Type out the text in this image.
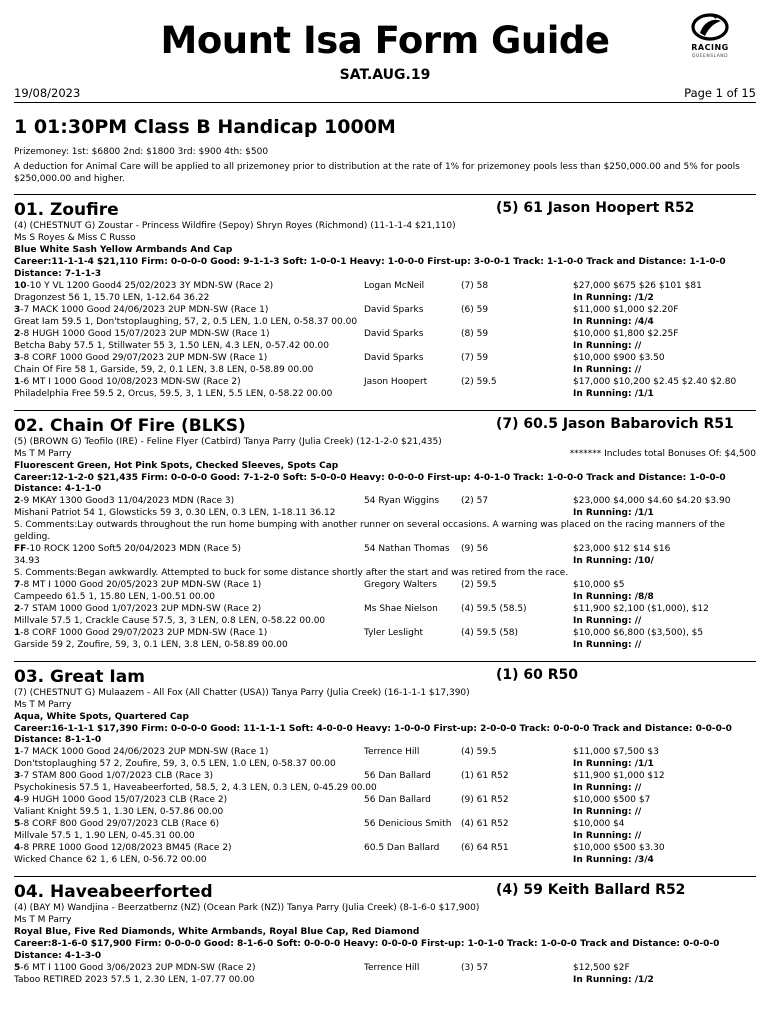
Mount Isa Form Guide
SAT.AUG.19
RACING
QUEENSLAND
19/08/2023	Page 1 of 15
1 01:30PM Class B Handicap 1000M
Prizemoney: 1st: $6800 2nd: $1800 3rd: $900 4th: $500
A deduction for Animal Care will be applied to all prizemoney prior to distribution at the rate of 1% for prizemoney pools less than $250,000.00 and 5% for pools $250,000.00 and higher.
01. Zoufire	(5) 61 Jason Hoopert R52
(4) (CHESTNUT G) Zoustar - Princess Wildfire (Sepoy) Shryn Royes (Richmond) (11-1-1-4 $21,110)
Ms S Royes & Miss C Russo
Blue White Sash Yellow Armbands And Cap
Career:11-1-1-4 $21,110 Firm: 0-0-0-0 Good: 9-1-1-3 Soft: 1-0-0-1 Heavy: 1-0-0-0 First-up: 3-0-0-1 Track: 1-1-0-0 Track and Distance: 1-1-0-0 Distance: 7-1-1-3
10-10 Y VL 1200 Good4 25/02/2023 3Y MDN-SW (Race 2)	Logan McNeil	(7) 58	$27,000 $675 $26 $101 $81
Dragonzest 56 1, 15.70 LEN, 1-12.64 36.22	In Running: /1/2
3-7 MACK 1000 Good 24/06/2023 2UP MDN-SW (Race 1)	David Sparks	(6) 59	$11,000 $1,000 $2.20F
Great Iam 59.5 1, Don'tstoplaughing, 57, 2, 0.5 LEN, 1.0 LEN, 0-58.37 00.00	In Running: /4/4
2-8 HUGH 1000 Good 15/07/2023 2UP MDN-SW (Race 1)	David Sparks	(8) 59	$10,000 $1,800 $2.25F
Betcha Baby 57.5 1, Stillwater 55 3, 1.50 LEN, 4.3 LEN, 0-57.42 00.00	In Running: //
3-8 CORF 1000 Good 29/07/2023 2UP MDN-SW (Race 1)	David Sparks	(7) 59	$10,000 $900 $3.50
Chain Of Fire 58 1, Garside, 59, 2, 0.1 LEN, 3.8 LEN, 0-58.89 00.00	In Running: //
1-6 MT I 1000 Good 10/08/2023 MDN-SW (Race 2)	Jason Hoopert	(2) 59.5	$17,000 $10,200 $2.45 $2.40 $2.80
Philadelphia Free 59.5 2, Orcus, 59.5, 3, 1 LEN, 5.5 LEN, 0-58.22 00.00	In Running: /1/1
02. Chain Of Fire (BLKS)	(7) 60.5 Jason Babarovich R51
(5) (BROWN G) Teofilo (IRE) - Feline Flyer (Catbird) Tanya Parry (Julia Creek) (12-1-2-0 $21,435)
Ms T M Parry	******* Includes total Bonuses Of: $4,500
Fluorescent Green, Hot Pink Spots, Checked Sleeves, Spots Cap
Career:12-1-2-0 $21,435 Firm: 0-0-0-0 Good: 7-1-2-0 Soft: 5-0-0-0 Heavy: 0-0-0-0 First-up: 4-0-1-0 Track: 1-0-0-0 Track and Distance: 1-0-0-0 Distance: 4-1-1-0
2-9 MKAY 1300 Good3 11/04/2023 MDN (Race 3)	54 Ryan Wiggins (2) 57	$23,000 $4,000 $4.60 $4.20 $3.90
Mishani Patriot 54 1, Glowsticks 59 3, 0.30 LEN, 0.3 LEN, 1-18.11 36.12	In Running: /1/1
S. Comments:Lay outwards throughout the run home bumping with another runner on several occasions. A warning was placed on the racing manners of the gelding.
FF-10 ROCK 1200 Soft5 20/04/2023 MDN (Race 5)	54 Nathan Thomas (9) 56	$23,000 $12 $14 $16
34.93	In Running: /10/
S. Comments:Began awkwardly. Attempted to buck for some distance shortly after the start and was retired from the race.
7-8 MT I 1000 Good 20/05/2023 2UP MDN-SW (Race 1)	Gregory Walters	(2) 59.5	$10,000 $5
Campeedo 61.5 1, 15.80 LEN, 1-00.51 00.00	In Running: /8/8
2-7 STAM 1000 Good 1/07/2023 2UP MDN-SW (Race 2)	Ms Shae Nielson	(4) 59.5 (58.5)	$11,900 $2,100 ($1,000), $12
Millvale 57.5 1, Crackle Cause 57.5, 3, 3 LEN, 0.8 LEN, 0-58.22 00.00	In Running: //
1-8 CORF 1000 Good 29/07/2023 2UP MDN-SW (Race 1)	Tyler Leslight	(4) 59.5 (58)	$10,000 $6,800 ($3,500), $5
Garside 59 2, Zoufire, 59, 3, 0.1 LEN, 3.8 LEN, 0-58.89 00.00	In Running: //
03. Great Iam	(1) 60 R50
(7) (CHESTNUT G) Mulaazem - All Fox (All Chatter (USA)) Tanya Parry (Julia Creek) (16-1-1-1 $17,390)
Ms T M Parry
Aqua, White Spots, Quartered Cap
Career:16-1-1-1 $17,390 Firm: 0-0-0-0 Good: 11-1-1-1 Soft: 4-0-0-0 Heavy: 1-0-0-0 First-up: 2-0-0-0 Track: 0-0-0-0 Track and Distance: 0-0-0-0 Distance: 8-1-1-0
1-7 MACK 1000 Good 24/06/2023 2UP MDN-SW (Race 1)	Terrence Hill	(4) 59.5	$11,000 $7,500 $3
Don'tstoplaughing 57 2, Zoufire, 59, 3, 0.5 LEN, 1.0 LEN, 0-58.37 00.00	In Running: /1/1
3-7 STAM 800 Good 1/07/2023 CLB (Race 3)	56 Dan Ballard	(1) 61 R52	$11,900 $1,000 $12
Psychokinesis 57.5 1, Haveabeerforted, 58.5, 2, 4.3 LEN, 0.3 LEN, 0-45.29 00.00	In Running: //
4-9 HUGH 1000 Good 15/07/2023 CLB (Race 2)	56 Dan Ballard	(9) 61 R52	$10,000 $500 $7
Valiant Knight 59.5 1, 1.30 LEN, 0-57.86 00.00	In Running: //
5-8 CORF 800 Good 29/07/2023 CLB (Race 6)	56 Denicious Smith (4) 61 R52	$10,000 $4
Millvale 57.5 1, 1.90 LEN, 0-45.31 00.00	In Running: //
4-8 PRRE 1000 Good 12/08/2023 BM45 (Race 2)	60.5 Dan Ballard (6) 64 R51	$10,000 $500 $3.30
Wicked Chance 62 1, 6 LEN, 0-56.72 00.00	In Running: /3/4
04. Haveabeerforted	(4) 59 Keith Ballard R52
(4) (BAY M) Wandjina - Beerzatbernz (NZ) (Ocean Park (NZ)) Tanya Parry (Julia Creek) (8-1-6-0 $17,900)
Ms T M Parry
Royal Blue, Five Red Diamonds, White Armbands, Royal Blue Cap, Red Diamond
Career:8-1-6-0 $17,900 Firm: 0-0-0-0 Good: 8-1-6-0 Soft: 0-0-0-0 Heavy: 0-0-0-0 First-up: 1-0-1-0 Track: 1-0-0-0 Track and Distance: 0-0-0-0 Distance: 4-1-3-0
5-6 MT I 1100 Good 3/06/2023 2UP MDN-SW (Race 2)	Terrence Hill	(3) 57	$12,500 $2F
Taboo RETIRED 2023 57.5 1, 2.30 LEN, 1-07.77 00.00	In Running: /1/2
